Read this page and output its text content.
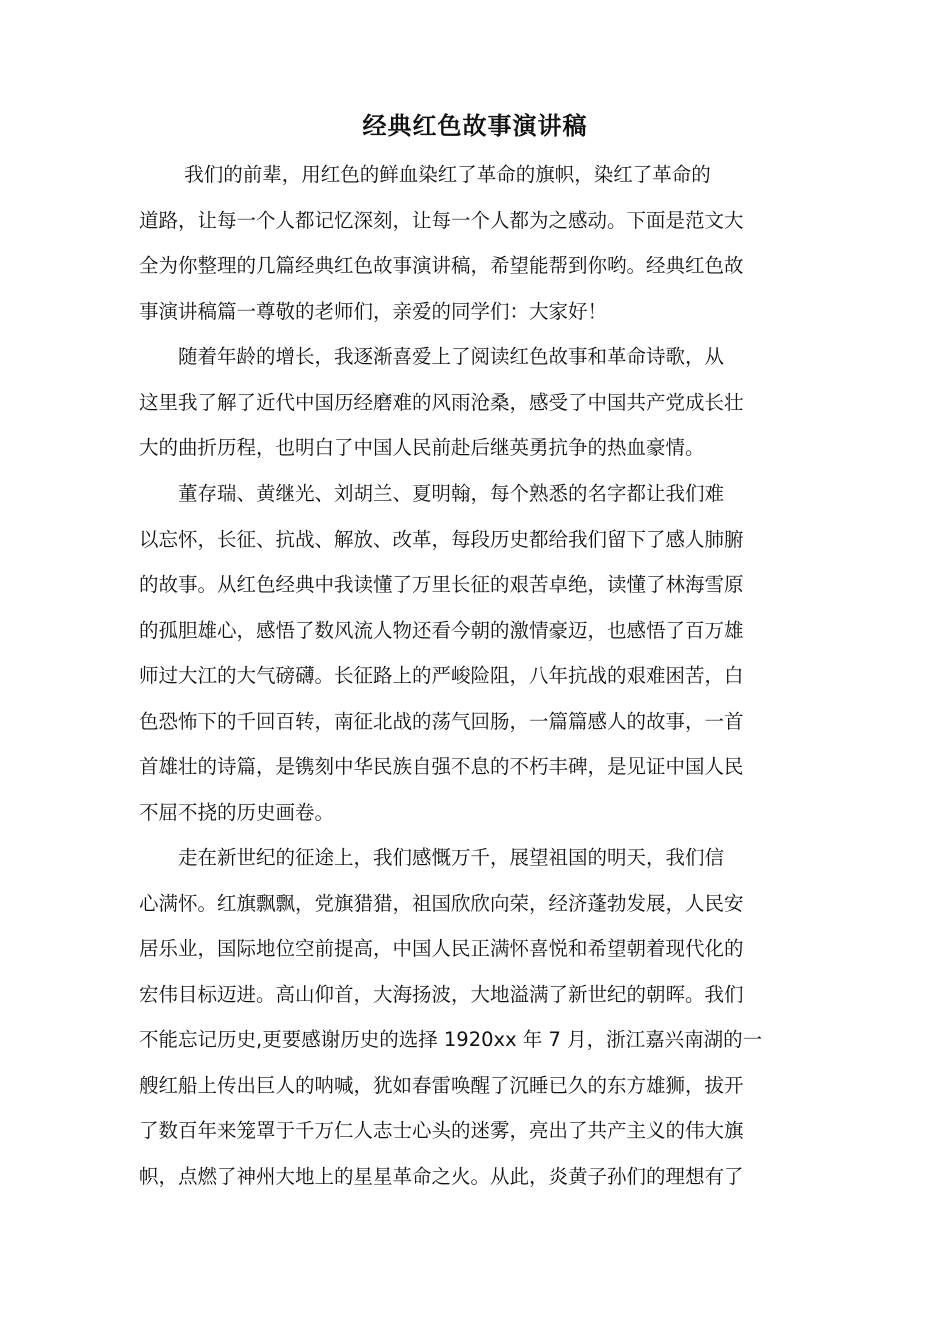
经典红色故事演讲稿
　　 我们的前辈，用红色的鲜血染红了革命的旗帜，染红了革命的
道路，让每一个人都记忆深刻，让每一个人都为之感动。下面是范文大
全为你整理的几篇经典红色故事演讲稿，希望能帮到你哟。经典红色故
事演讲稿篇一尊敬的老师们，亲爱的同学们：大家好！
　　随着年龄的增长，我逐渐喜爱上了阅读红色故事和革命诗歌，从
这里我了解了近代中国历经磨难的风雨沧桑，感受了中国共产党成长壮
大的曲折历程，也明白了中国人民前赴后继英勇抗争的热血豪情。
　　董存瑞、黄继光、刘胡兰、夏明翰，每个熟悉的名字都让我们难
以忘怀，长征、抗战、解放、改革，每段历史都给我们留下了感人肺腑
的故事。从红色经典中我读懂了万里长征的艰苦卓绝，读懂了林海雪原
的孤胆雄心，感悟了数风流人物还看今朝的激情豪迈，也感悟了百万雄
师过大江的大气磅礴。长征路上的严峻险阻，八年抗战的艰难困苦，白
色恐怖下的千回百转，南征北战的荡气回肠，一篇篇感人的故事，一首
首雄壮的诗篇，是镌刻中华民族自强不息的不朽丰碑，是见证中国人民
不屈不挠的历史画卷。
　　走在新世纪的征途上，我们感慨万千，展望祖国的明天，我们信
心满怀。红旗飘飘，党旗猎猎，祖国欣欣向荣，经济蓬勃发展，人民安
居乐业，国际地位空前提高，中国人民正满怀喜悦和希望朝着现代化的
宏伟目标迈进。高山仰首，大海扬波，大地溢满了新世纪的朝晖。我们
不能忘记历史,更要感谢历史的选择 1920xx 年 7 月，浙江嘉兴南湖的一
艘红船上传出巨人的呐喊，犹如春雷唤醒了沉睡已久的东方雄狮，拔开
了数百年来笼罩于千万仁人志士心头的迷雾，亮出了共产主义的伟大旗
帜，点燃了神州大地上的星星革命之火。从此，炎黄子孙们的理想有了
